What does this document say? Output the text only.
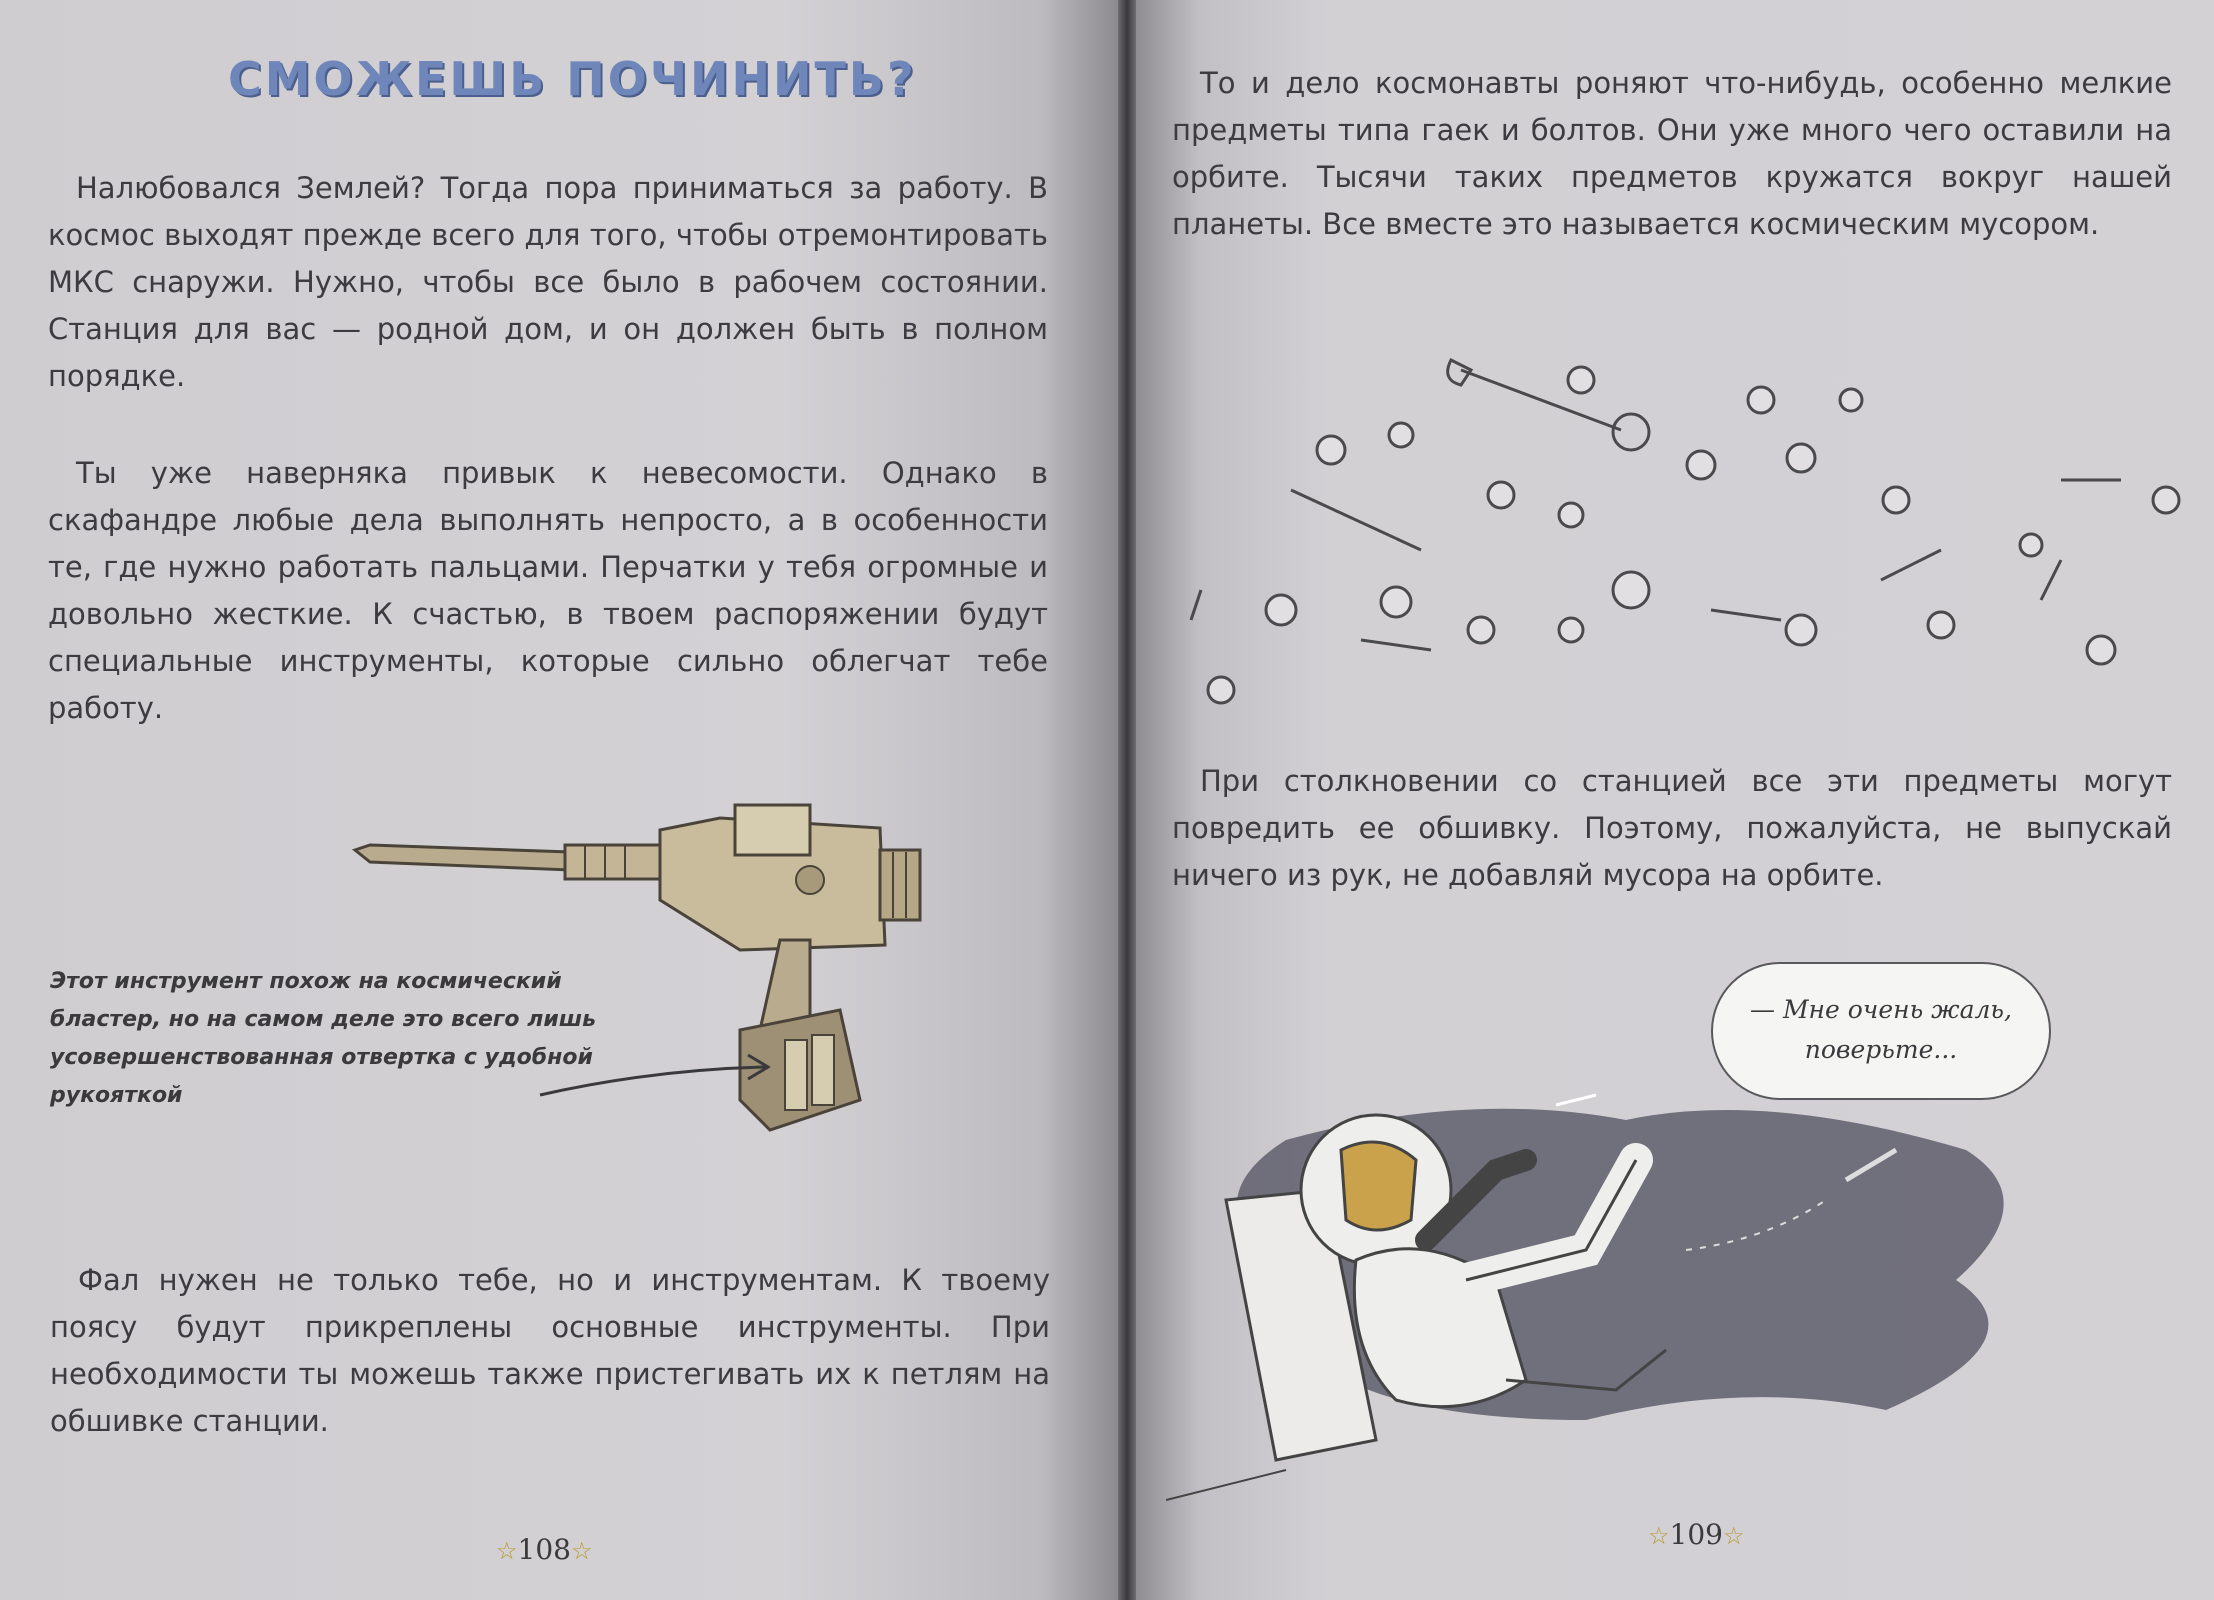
СМОЖЕШЬ ПОЧИНИТЬ?

Налюбовался Землей? Тогда пора приниматься за работу. В космос выходят прежде всего для того, чтобы отремонтировать МКС снаружи. Нужно, чтобы все было в рабочем состоянии. Станция для вас — родной дом, и он должен быть в полном порядке.

Ты уже наверняка привык к невесомости. Однако в скафандре любые дела выполнять непросто, а в особенности те, где нужно работать пальцами. Перчатки у тебя огромные и довольно жесткие. К счастью, в твоем распоряжении будут специальные инструменты, которые сильно облегчат тебе работу.

Этот инструмент похож на космический бластер, но на самом деле это всего лишь усовершенствованная отвертка с удобной рукояткой

Фал нужен не только тебе, но и инструментам. К твоему поясу будут прикреплены основные инструменты. При необходимости ты можешь также пристегивать их к петлям на обшивке станции.

☆108☆

То и дело космонавты роняют что-нибудь, особенно мелкие предметы типа гаек и болтов. Они уже много чего оставили на орбите. Тысячи таких предметов кружатся вокруг нашей планеты. Все вместе это называется космическим мусором.

При столкновении со станцией все эти предметы могут повредить ее обшивку. Поэтому, пожалуйста, не выпускай ничего из рук, не добавляй мусора на орбите.

— Мне очень жаль, поверьте...

☆109☆
